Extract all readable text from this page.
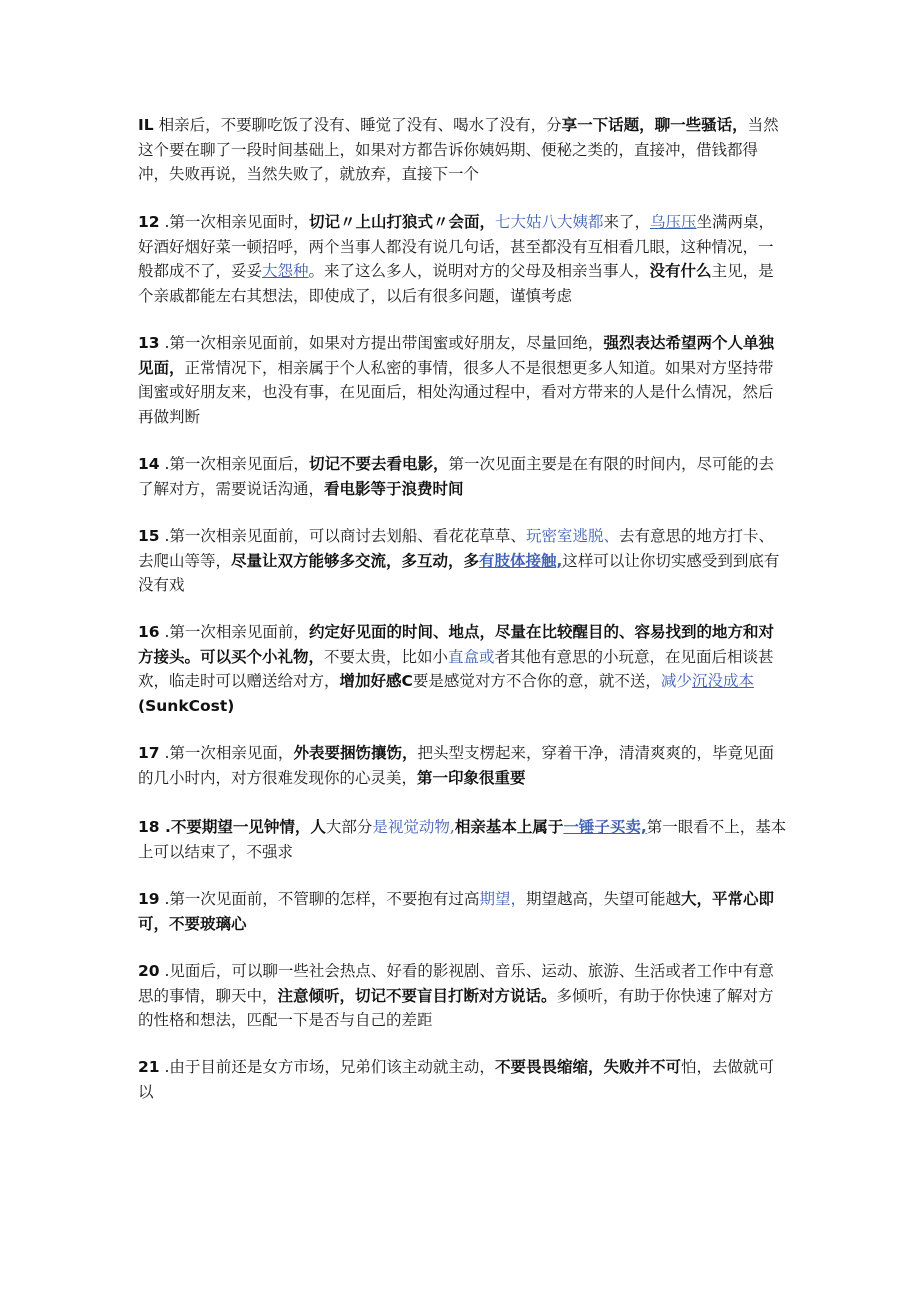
IL 相亲后，不要聊吃饭了没有、睡觉了没有、喝水了没有，分享一下话题，聊一些骚话，当然这个要在聊了一段时间基础上，如果对方都告诉你姨妈期、便秘之类的，直接冲，借钱都得冲，失败再说，当然失败了，就放弃，直接下一个

12 .第一次相亲见面时，切记〃上山打狼式〃会面，七大姑八大姨都来了，乌压压坐满两桌，好酒好烟好菜一顿招呼，两个当事人都没有说几句话，甚至都没有互相看几眼，这种情况，一般都成不了，妥妥大怨种。来了这么多人，说明对方的父母及相亲当事人，没有什么主见，是个亲戚都能左右其想法，即使成了，以后有很多问题，谨慎考虑

13 .第一次相亲见面前，如果对方提出带闺蜜或好朋友，尽量回绝，强烈表达希望两个人单独见面，正常情况下，相亲属于个人私密的事情，很多人不是很想更多人知道。如果对方坚持带闺蜜或好朋友来，也没有事，在见面后，相处沟通过程中，看对方带来的人是什么情况，然后再做判断

14 .第一次相亲见面后，切记不要去看电影，第一次见面主要是在有限的时间内，尽可能的去了解对方，需要说话沟通，看电影等于浪费时间

15 .第一次相亲见面前，可以商讨去划船、看花花草草、玩密室逃脱、去有意思的地方打卡、去爬山等等，尽量让双方能够多交流，多互动，多有肢体接触,这样可以让你切实感受到到底有没有戏

16 .第一次相亲见面前，约定好见面的时间、地点，尽量在比较醒目的、容易找到的地方和对方接头。可以买个小礼物，不要太贵，比如小直盒或者其他有意思的小玩意，在见面后相谈甚欢，临走时可以赠送给对方，增加好感C要是感觉对方不合你的意，就不送，减少沉没成本(SunkCost)

17 .第一次相亲见面，外表要捆饬攘饬，把头型支楞起来，穿着干净，清清爽爽的，毕竟见面的几小时内，对方很难发现你的心灵美，第一印象很重要

18 .不要期望一见钟情，人大部分是视觉动物,相亲基本上属于一锤子买卖,第一眼看不上，基本上可以结束了，不强求

19 .第一次见面前，不管聊的怎样，不要抱有过高期望，期望越高，失望可能越大，平常心即可，不要玻璃心

20 .见面后，可以聊一些社会热点、好看的影视剧、音乐、运动、旅游、生活或者工作中有意思的事情，聊天中，注意倾听，切记不要盲目打断对方说话。多倾听，有助于你快速了解对方的性格和想法，匹配一下是否与自己的差距

21 .由于目前还是女方市场，兄弟们该主动就主动，不要畏畏缩缩，失败并不可怕，去做就可以
